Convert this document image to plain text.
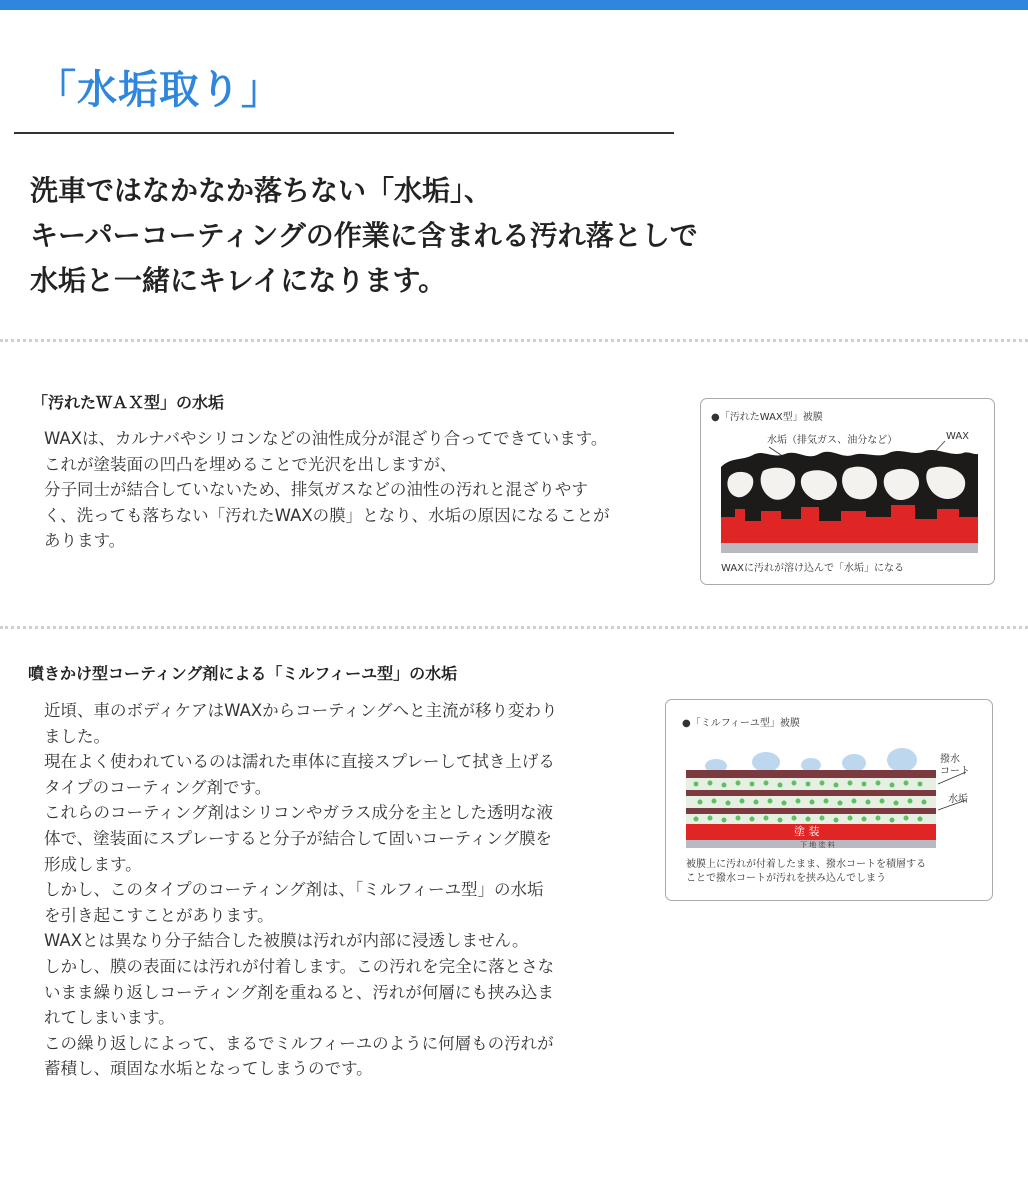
「水垢取り」
洗車ではなかなか落ちない「水垢」、
キーパーコーティングの作業に含まれる汚れ落としで
水垢と一緒にキレイになります。
「汚れたＷＡＸ型」の水垢
WAXは、カルナバやシリコンなどの油性成分が混ざり合ってできています。
これが塗装面の凹凸を埋めることで光沢を出しますが、
分子同士が結合していないため、排気ガスなどの油性の汚れと混ざりやす
く、洗っても落ちない「汚れたWAXの膜」となり、水垢の原因になることが
あります。
●「汚れたWAX型」被膜
水垢（排気ガス、油分など）	WAX
WAXに汚れが溶け込んで「水垢」になる
噴きかけ型コーティング剤による「ミルフィーユ型」の水垢
近頃、車のボディケアはWAXからコーティングへと主流が移り変わり
ました。
現在よく使われているのは濡れた車体に直接スプレーして拭き上げる
タイプのコーティング剤です。
これらのコーティング剤はシリコンやガラス成分を主とした透明な液
体で、塗装面にスプレーすると分子が結合して固いコーティング膜を
形成します。
しかし、このタイプのコーティング剤は、「ミルフィーユ型」の水垢
を引き起こすことがあります。
WAXとは異なり分子結合した被膜は汚れが内部に浸透しません。
しかし、膜の表面には汚れが付着します。この汚れを完全に落とさな
いまま繰り返しコーティング剤を重ねると、汚れが何層にも挟み込ま
れてしまいます。
この繰り返しによって、まるでミルフィーユのように何層もの汚れが
蓄積し、頑固な水垢となってしまうのです。
●「ミルフィーユ型」被膜
撥水
コート
水垢
塗 装
下 地 塗 料
被膜上に汚れが付着したまま、撥水コートを積層する
ことで撥水コートが汚れを挟み込んでしまう
